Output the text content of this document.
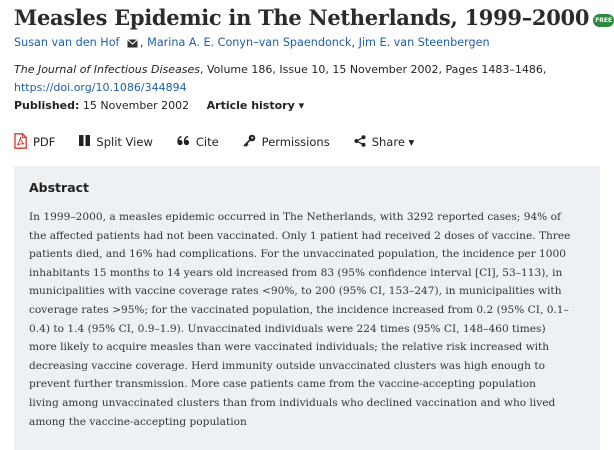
Measles Epidemic in The Netherlands, 1999–2000 FREE
Susan van den Hof , Marina A. E. Conyn–van Spaendonck, Jim E. van Steenbergen
The Journal of Infectious Diseases, Volume 186, Issue 10, 15 November 2002, Pages 1483–1486,
https://doi.org/10.1086/344894
Published: 15 November 2002 Article history ▾
PDF	Split View	Cite	Permissions	Share ▾
Abstract
In 1999–2000, a measles epidemic occurred in The Netherlands, with 3292 reported cases; 94% of
the affected patients had not been vaccinated. Only 1 patient had received 2 doses of vaccine. Three
patients died, and 16% had complications. For the unvaccinated population, the incidence per 1000
inhabitants 15 months to 14 years old increased from 83 (95% confidence interval [CI], 53–113), in
municipalities with vaccine coverage rates <90%, to 200 (95% CI, 153–247), in municipalities with
coverage rates >95%; for the vaccinated population, the incidence increased from 0.2 (95% CI, 0.1–
0.4) to 1.4 (95% CI, 0.9–1.9). Unvaccinated individuals were 224 times (95% CI, 148–460 times)
more likely to acquire measles than were vaccinated individuals; the relative risk increased with
decreasing vaccine coverage. Herd immunity outside unvaccinated clusters was high enough to
prevent further transmission. More case patients came from the vaccine-accepting population
living among unvaccinated clusters than from individuals who declined vaccination and who lived
among the vaccine-accepting population
